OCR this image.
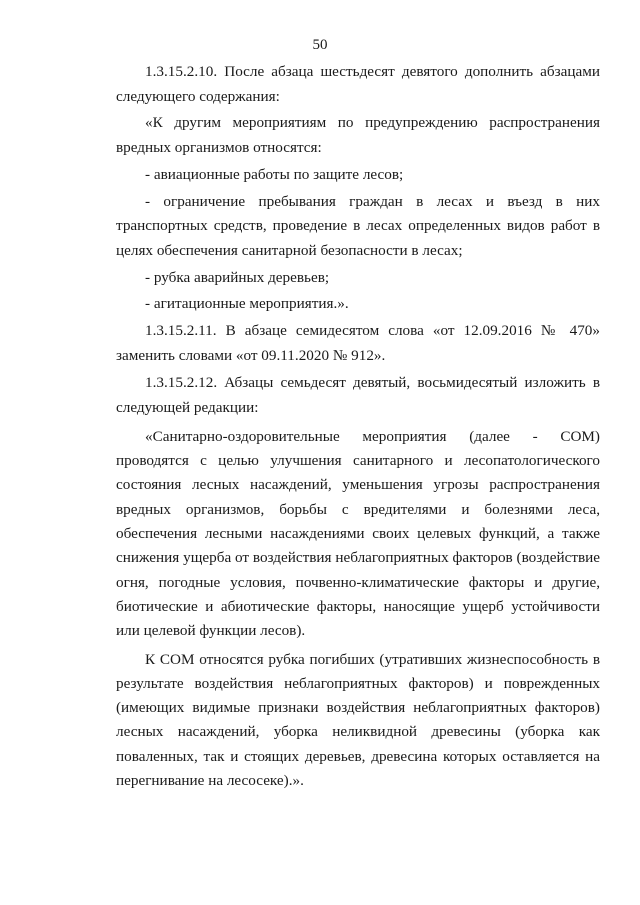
50

1.3.15.2.10. После абзаца шестьдесят девятого дополнить абзацами следующего содержания:

«К другим мероприятиям по предупреждению распространения вредных организмов относятся:

- авиационные работы по защите лесов;

- ограничение пребывания граждан в лесах и въезд в них транспортных средств, проведение в лесах определенных видов работ в целях обеспечения санитарной безопасности в лесах;

- рубка аварийных деревьев;

- агитационные мероприятия.».

1.3.15.2.11. В абзаце семидесятом слова «от 12.09.2016 № 470» заменить словами «от 09.11.2020 № 912».

1.3.15.2.12. Абзацы семьдесят девятый, восьмидесятый изложить в следующей редакции:

«Санитарно-оздоровительные мероприятия (далее - СОМ) проводятся с целью улучшения санитарного и лесопатологического состояния лесных насаждений, уменьшения угрозы распространения вредных организмов, борьбы с вредителями и болезнями леса, обеспечения лесными насаждениями своих целевых функций, а также снижения ущерба от воздействия неблагоприятных факторов (воздействие огня, погодные условия, почвенно-климатические факторы и другие, биотические и абиотические факторы, наносящие ущерб устойчивости или целевой функции лесов).

К СОМ относятся рубка погибших (утративших жизнеспособность в результате воздействия неблагоприятных факторов) и поврежденных (имеющих видимые признаки воздействия неблагоприятных факторов) лесных насаждений, уборка неликвидной древесины (уборка как поваленных, так и стоящих деревьев, древесина которых оставляется на перегнивание на лесосеке).».
